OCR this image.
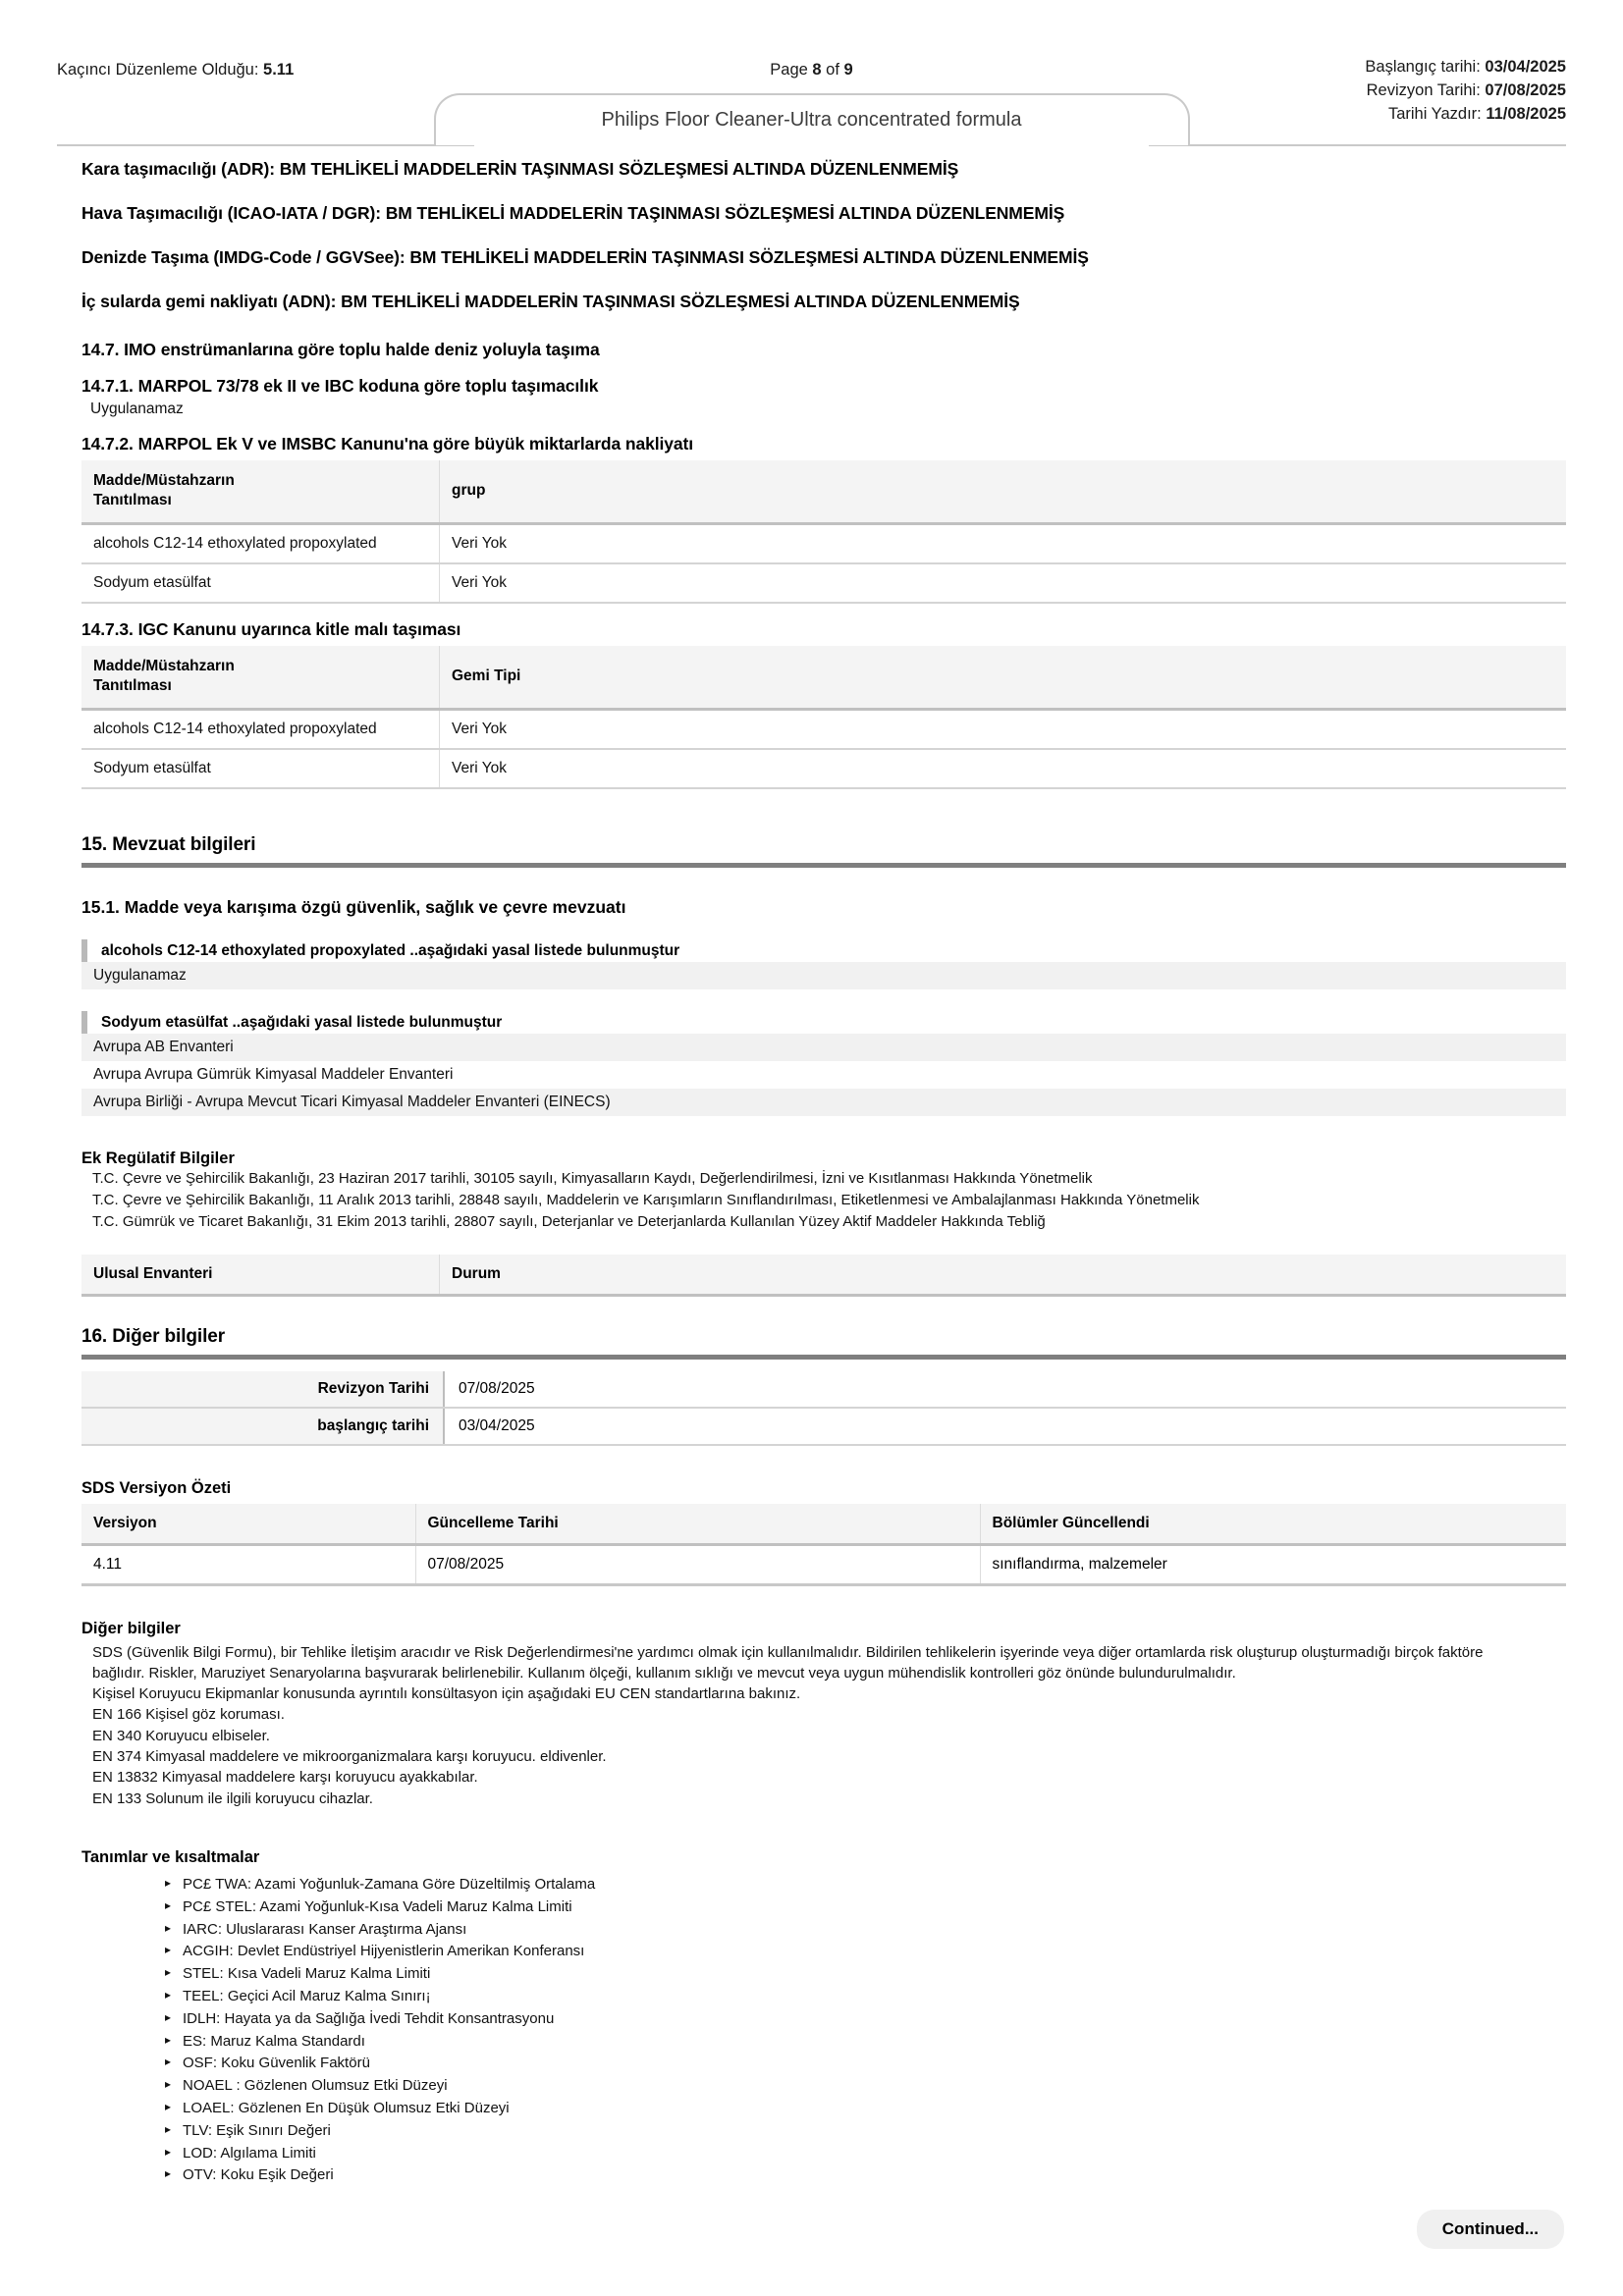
Kaçıncı Düzenleme Olduğu: 5.11	Page 8 of 9	Başlangıç tarihi: 03/04/2025
Revizyon Tarihi: 07/08/2025
Tarihi Yazdır: 11/08/2025
Philips Floor Cleaner-Ultra concentrated formula
Kara taşımacılığı (ADR): BM TEHLİKELİ MADDELERİN TAŞINMASI SÖZLEŞMESİ ALTINDA DÜZENLENMEMİŞ
Hava Taşımacılığı (ICAO-IATA / DGR): BM TEHLİKELİ MADDELERİN TAŞINMASI SÖZLEŞMESİ ALTINDA DÜZENLENMEMİŞ
Denizde Taşıma (IMDG-Code / GGVSee): BM TEHLİKELİ MADDELERİN TAŞINMASI SÖZLEŞMESİ ALTINDA DÜZENLENMEMİŞ
İç sularda gemi nakliyatı (ADN): BM TEHLİKELİ MADDELERİN TAŞINMASI SÖZLEŞMESİ ALTINDA DÜZENLENMEMİŞ
14.7. IMO enstrümanlarına göre toplu halde deniz yoluyla taşıma
14.7.1. MARPOL 73/78 ek II ve IBC koduna göre toplu taşımacılık
Uygulanamaz
14.7.2. MARPOL Ek V ve IMSBC Kanunu'na göre büyük miktarlarda nakliyatı
Madde/Müstahzarın
Tanıtılması	grup
alcohols C12-14 ethoxylated propoxylated	Veri Yok
Sodyum etasülfat	Veri Yok
14.7.3. IGC Kanunu uyarınca kitle malı taşıması
Madde/Müstahzarın
Tanıtılması	Gemi Tipi
alcohols C12-14 ethoxylated propoxylated	Veri Yok
Sodyum etasülfat	Veri Yok
15. Mevzuat bilgileri
15.1. Madde veya karışıma özgü güvenlik, sağlık ve çevre mevzuatı
alcohols C12-14 ethoxylated propoxylated ..aşağıdaki yasal listede bulunmuştur
Uygulanamaz
Sodyum etasülfat ..aşağıdaki yasal listede bulunmuştur
Avrupa AB Envanteri
Avrupa Avrupa Gümrük Kimyasal Maddeler Envanteri
Avrupa Birliği - Avrupa Mevcut Ticari Kimyasal Maddeler Envanteri (EINECS)
Ek Regülatif Bilgiler
T.C. Çevre ve Şehircilik Bakanlığı, 23 Haziran 2017 tarihli, 30105 sayılı, Kimyasalların Kaydı, Değerlendirilmesi, İzni ve Kısıtlanması Hakkında Yönetmelik
T.C. Çevre ve Şehircilik Bakanlığı, 11 Aralık 2013 tarihli, 28848 sayılı, Maddelerin ve Karışımların Sınıflandırılması, Etiketlenmesi ve Ambalajlanması Hakkında Yönetmelik
T.C. Gümrük ve Ticaret Bakanlığı, 31 Ekim 2013 tarihli, 28807 sayılı, Deterjanlar ve Deterjanlarda Kullanılan Yüzey Aktif Maddeler Hakkında Tebliğ
Ulusal Envanteri	Durum
16. Diğer bilgiler
Revizyon Tarihi	07/08/2025
başlangıç tarihi	03/04/2025
SDS Versiyon Özeti
Versiyon	Güncelleme Tarihi	Bölümler Güncellendi
4.11	07/08/2025	sınıflandırma, malzemeler
Diğer bilgiler

SDS (Güvenlik Bilgi Formu), bir Tehlike İletişim aracıdır ve Risk Değerlendirmesi'ne yardımcı olmak için kullanılmalıdır. Bildirilen tehlikelerin işyerinde veya diğer ortamlarda risk oluşturup oluşturmadığı birçok faktöre bağlıdır. Riskler, Maruziyet Senaryolarına başvurarak belirlenebilir. Kullanım ölçeği, kullanım sıklığı ve mevcut veya uygun mühendislik kontrolleri göz önünde bulundurulmalıdır.

Kişisel Koruyucu Ekipmanlar konusunda ayrıntılı konsültasyon için aşağıdaki EU CEN standartlarına bakınız.

EN 166 Kişisel göz koruması.

EN 340 Koruyucu elbiseler.

EN 374 Kimyasal maddelere ve mikroorganizmalara karşı koruyucu. eldivenler.

EN 13832 Kimyasal maddelere karşı koruyucu ayakkabılar.

EN 133 Solunum ile ilgili koruyucu cihazlar.

Tanımlar ve kısaltmalar
▸ PC£ TWA: Azami Yoğunluk-Zamana Göre Düzeltilmiş Ortalama
▸ PC£ STEL: Azami Yoğunluk-Kısa Vadeli Maruz Kalma Limiti
▸ IARC: Uluslararası Kanser Araştırma Ajansı
▸ ACGIH: Devlet Endüstriyel Hijyenistlerin Amerikan Konferansı
▸ STEL: Kısa Vadeli Maruz Kalma Limiti
▸ TEEL: Geçici Acil Maruz Kalma Sınırı¡
▸ IDLH: Hayata ya da Sağlığa İvedi Tehdit Konsantrasyonu
▸ ES: Maruz Kalma Standardı
▸ OSF: Koku Güvenlik Faktörü
▸ NOAEL : Gözlenen Olumsuz Etki Düzeyi
▸ LOAEL: Gözlenen En Düşük Olumsuz Etki Düzeyi
▸ TLV: Eşik Sınırı Değeri
▸ LOD: Algılama Limiti
▸ OTV: Koku Eşik Değeri
Continued...
